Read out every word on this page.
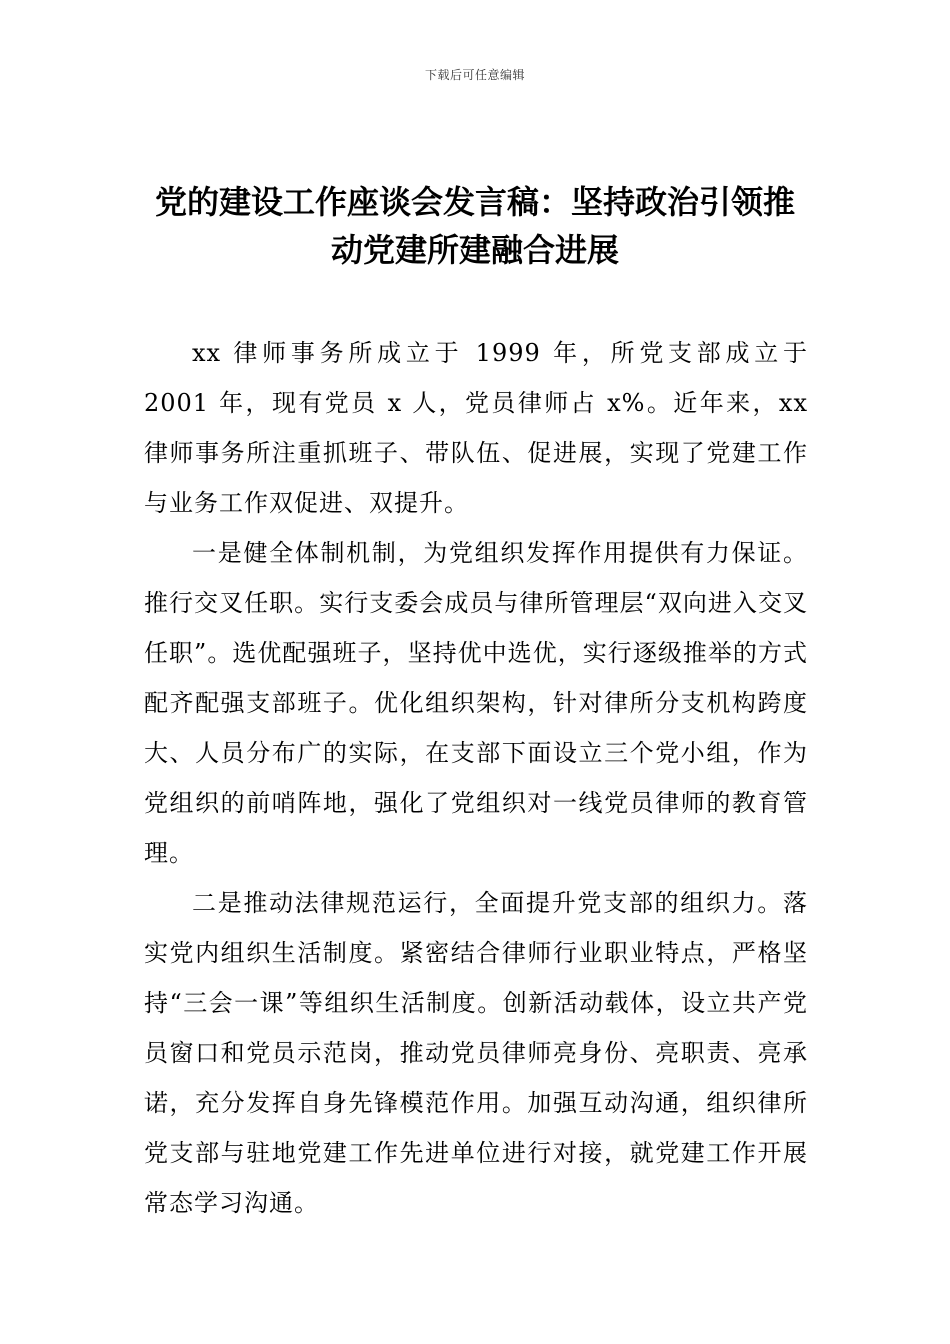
下载后可任意编辑
党的建设工作座谈会发言稿：坚持政治引领推动党建所建融合进展

xx 律师事务所成立于 1999 年，所党支部成立于 2001 年，现有党员 x 人，党员律师占 x%。近年来，xx 律师事务所注重抓班子、带队伍、促进展，实现了党建工作与业务工作双促进、双提升。

一是健全体制机制，为党组织发挥作用提供有力保证。推行交叉任职。实行支委会成员与律所管理层“双向进入交叉任职”。选优配强班子，坚持优中选优，实行逐级推举的方式配齐配强支部班子。优化组织架构，针对律所分支机构跨度大、人员分布广的实际，在支部下面设立三个党小组，作为党组织的前哨阵地，强化了党组织对一线党员律师的教育管理。

二是推动法律规范运行，全面提升党支部的组织力。落实党内组织生活制度。紧密结合律师行业职业特点，严格坚持“三会一课”等组织生活制度。创新活动载体，设立共产党员窗口和党员示范岗，推动党员律师亮身份、亮职责、亮承诺，充分发挥自身先锋模范作用。加强互动沟通，组织律所党支部与驻地党建工作先进单位进行对接，就党建工作开展常态学习沟通。
